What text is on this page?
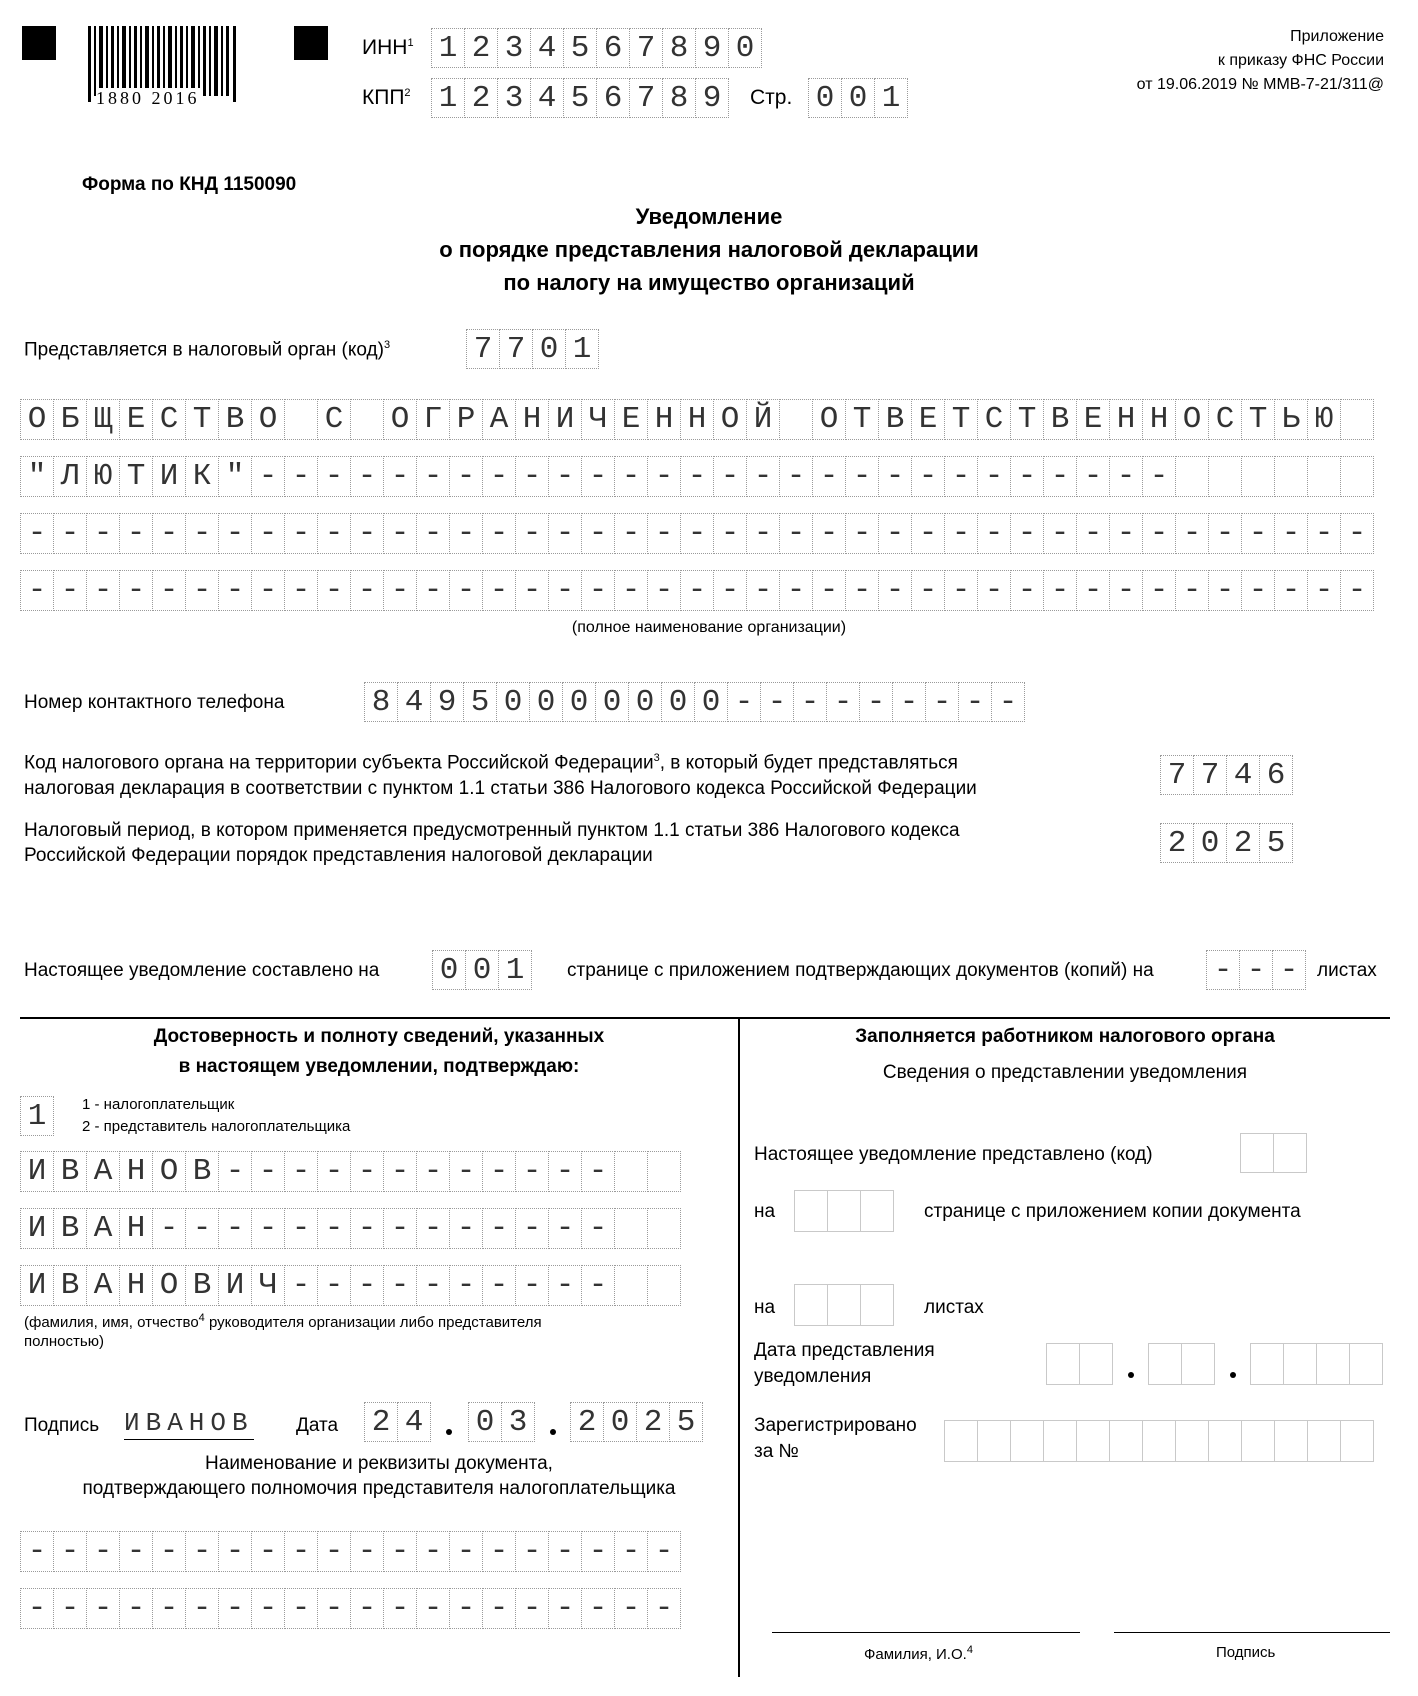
1880 2016
ИНН$^1$ 1 2 3 4 5 6 7 8 9 0
КПП$^2$ 1 2 3 4 5 6 7 8 9	Стр. 0 0 1
Приложение
к приказу ФНС России
от 19.06.2019 № ММВ-7-21/311@
Форма по КНД 1150090
Уведомление
о порядке представления налоговой декларации
по налогу на имущество организаций
Представляется в налоговый орган (код)$^3$	7 7 0 1
О Б Щ Е С Т В О С О Г Р А Н И Ч Е Н Н О Й О Т В Е Т С Т В Е Н Н О С Т Ь Ю
" Л Ю Т И К " - - - - - - - - - - - - - - - - - - - - - - - - - - - -
- - - - - - - - - - - - - - - - - - - - - - - - - - - - - - - - - - - - - - - - -
- - - - - - - - - - - - - - - - - - - - - - - - - - - - - - - - - - - - - - - - -
(полное наименование организации)
Номер контактного телефона	8 4 9 5 0 0 0 0 0 0 0 - - - - - - - - -
Код налогового органа на территории субъекта Российской Федерации$^3$, в который будет представляться
налоговая декларация в соответствии с пунктом 1.1 статьи 386 Налогового кодекса Российской Федерации	7 7 4 6
Налоговый период, в котором применяется предусмотренный пунктом 1.1 статьи 386 Налогового кодекса
Российской Федерации порядок представления налоговой декларации	2 0 2 5
Настоящее уведомление составлено на 0 0 1	странице с приложением подтверждающих документов (копий) на - - - листах
Достоверность и полноту сведений, указанных
в настоящем уведомлении, подтверждаю:
1	1 - налогоплательщик
2 - представитель налогоплательщика
И В А Н О В - - - - - - - - - - - -
И В А Н - - - - - - - - - - - - - -
И В А Н О В И Ч - - - - - - - - - -
(фамилия, имя, отчество$^4$ руководителя организации либо представителя
полностью)
Подпись ИВАНОВ Дата 2 4 0 3 2 0 2 5
Наименование и реквизиты документа,
подтверждающего полномочия представителя налогоплательщика
- - - - - - - - - - - - - - - - - - - -
- - - - - - - - - - - - - - - - - - - -
Заполняется работником налогового органа
Сведения о представлении уведомления
Настоящее уведомление представлено (код)
на	странице с приложением копии документа
на	листах
Дата представления
уведомления
Зарегистрировано
за №
Фамилия, И.О.$^4$	Подпись
